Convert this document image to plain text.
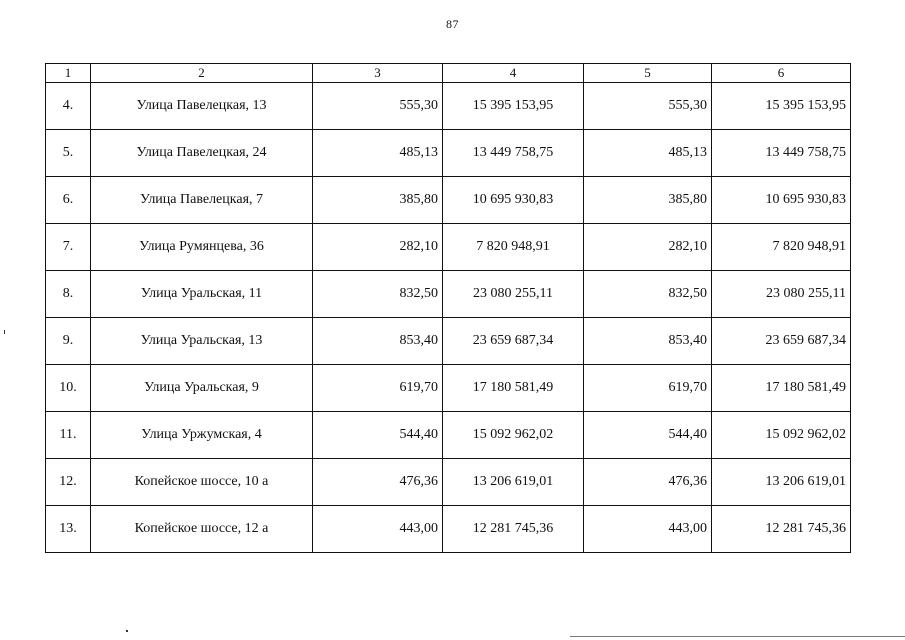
87
1	2	3	4	5	6
4.	Улица Павелецкая, 13	555,30	15 395 153,95	555,30	15 395 153,95
5.	Улица Павелецкая, 24	485,13	13 449 758,75	485,13	13 449 758,75
6.	Улица Павелецкая, 7	385,80	10 695 930,83	385,80	10 695 930,83
7.	Улица Румянцева, 36	282,10	7 820 948,91	282,10	7 820 948,91
8.	Улица Уральская, 11	832,50	23 080 255,11	832,50	23 080 255,11
9.	Улица Уральская, 13	853,40	23 659 687,34	853,40	23 659 687,34
10.	Улица Уральская, 9	619,70	17 180 581,49	619,70	17 180 581,49
11.	Улица Уржумская, 4	544,40	15 092 962,02	544,40	15 092 962,02
12.	Копейское шоссе, 10 а	476,36	13 206 619,01	476,36	13 206 619,01
13.	Копейское шоссе, 12 а	443,00	12 281 745,36	443,00	12 281 745,36
